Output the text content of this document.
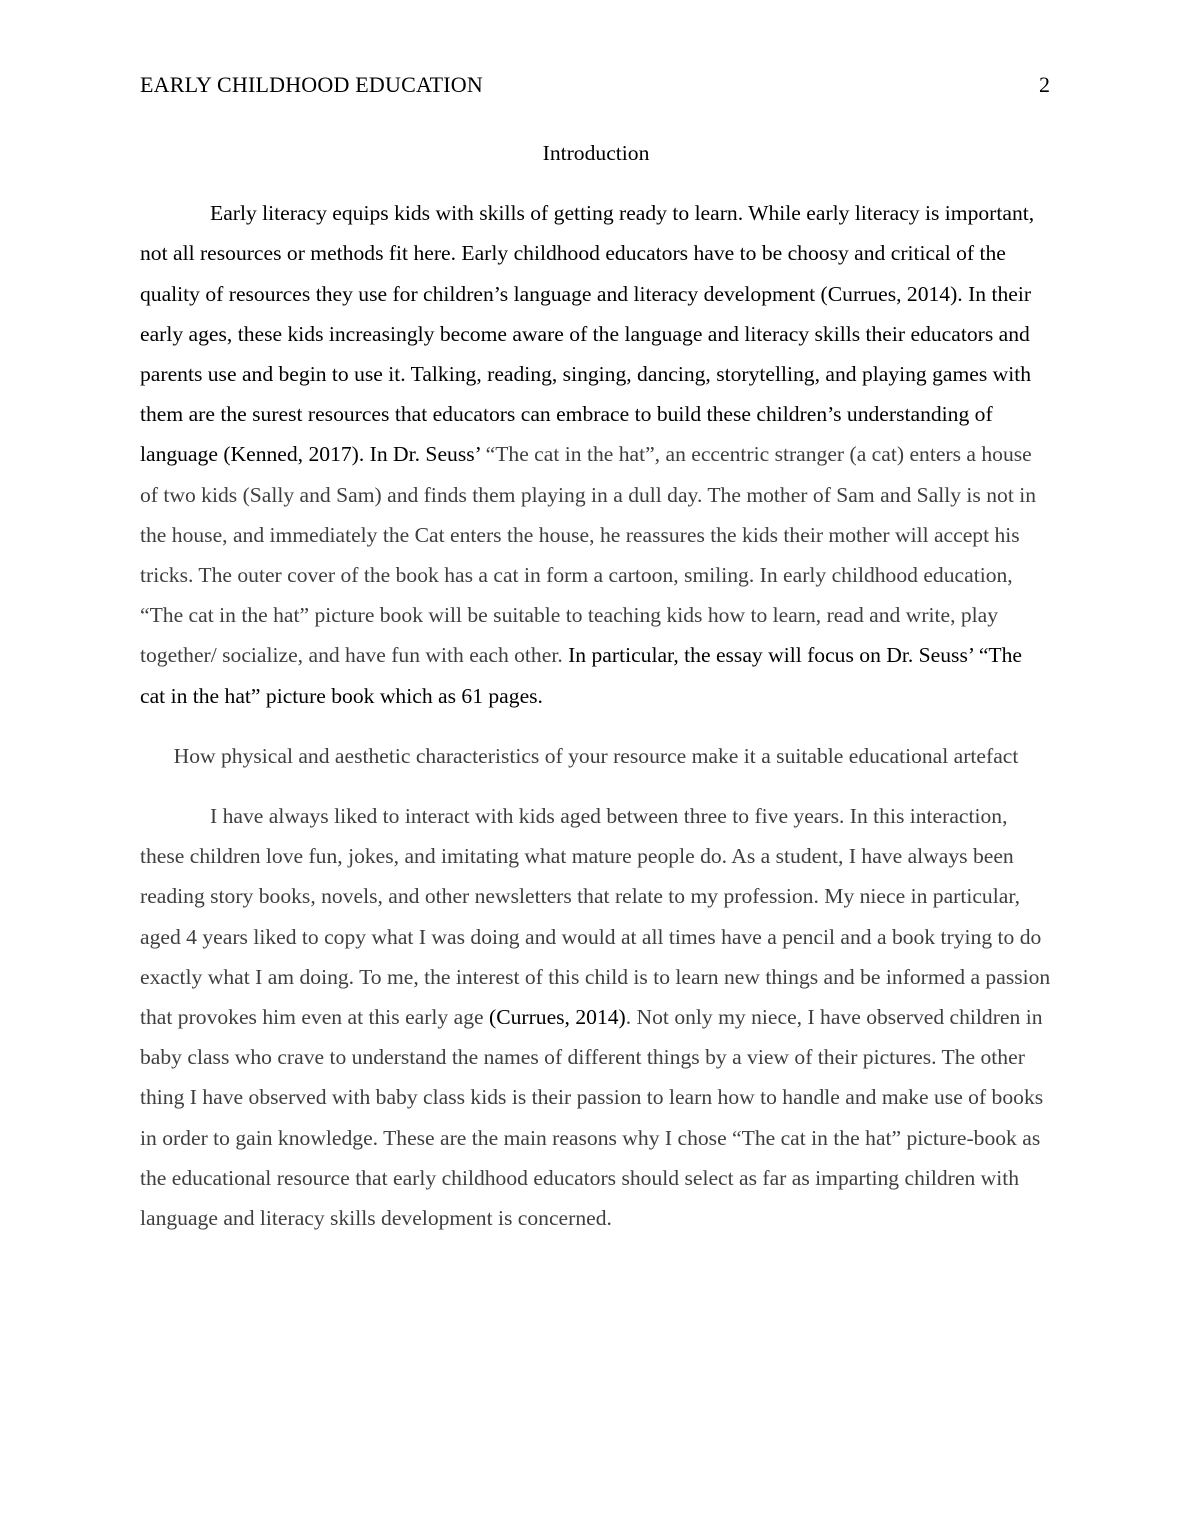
EARLY CHILDHOOD EDUCATION	2

Introduction

Early literacy equips kids with skills of getting ready to learn. While early literacy is important, not all resources or methods fit here. Early childhood educators have to be choosy and critical of the quality of resources they use for children’s language and literacy development (Currues, 2014). In their early ages, these kids increasingly become aware of the language and literacy skills their educators and parents use and begin to use it. Talking, reading, singing, dancing, storytelling, and playing games with them are the surest resources that educators can embrace to build these children’s understanding of language (Kenned, 2017). In Dr. Seuss’ “The cat in the hat”, an eccentric stranger (a cat) enters a house of two kids (Sally and Sam) and finds them playing in a dull day. The mother of Sam and Sally is not in the house, and immediately the Cat enters the house, he reassures the kids their mother will accept his tricks. The outer cover of the book has a cat in form a cartoon, smiling. In early childhood education, “The cat in the hat” picture book will be suitable to teaching kids how to learn, read and write, play together/ socialize, and have fun with each other. In particular, the essay will focus on Dr. Seuss’ “The cat in the hat” picture book which as 61 pages.

How physical and aesthetic characteristics of your resource make it a suitable educational artefact

I have always liked to interact with kids aged between three to five years. In this interaction, these children love fun, jokes, and imitating what mature people do. As a student, I have always been reading story books, novels, and other newsletters that relate to my profession. My niece in particular, aged 4 years liked to copy what I was doing and would at all times have a pencil and a book trying to do exactly what I am doing. To me, the interest of this child is to learn new things and be informed a passion that provokes him even at this early age (Currues, 2014). Not only my niece, I have observed children in baby class who crave to understand the names of different things by a view of their pictures. The other thing I have observed with baby class kids is their passion to learn how to handle and make use of books in order to gain knowledge. These are the main reasons why I chose “The cat in the hat” picture-book as the educational resource that early childhood educators should select as far as imparting children with language and literacy skills development is concerned.
